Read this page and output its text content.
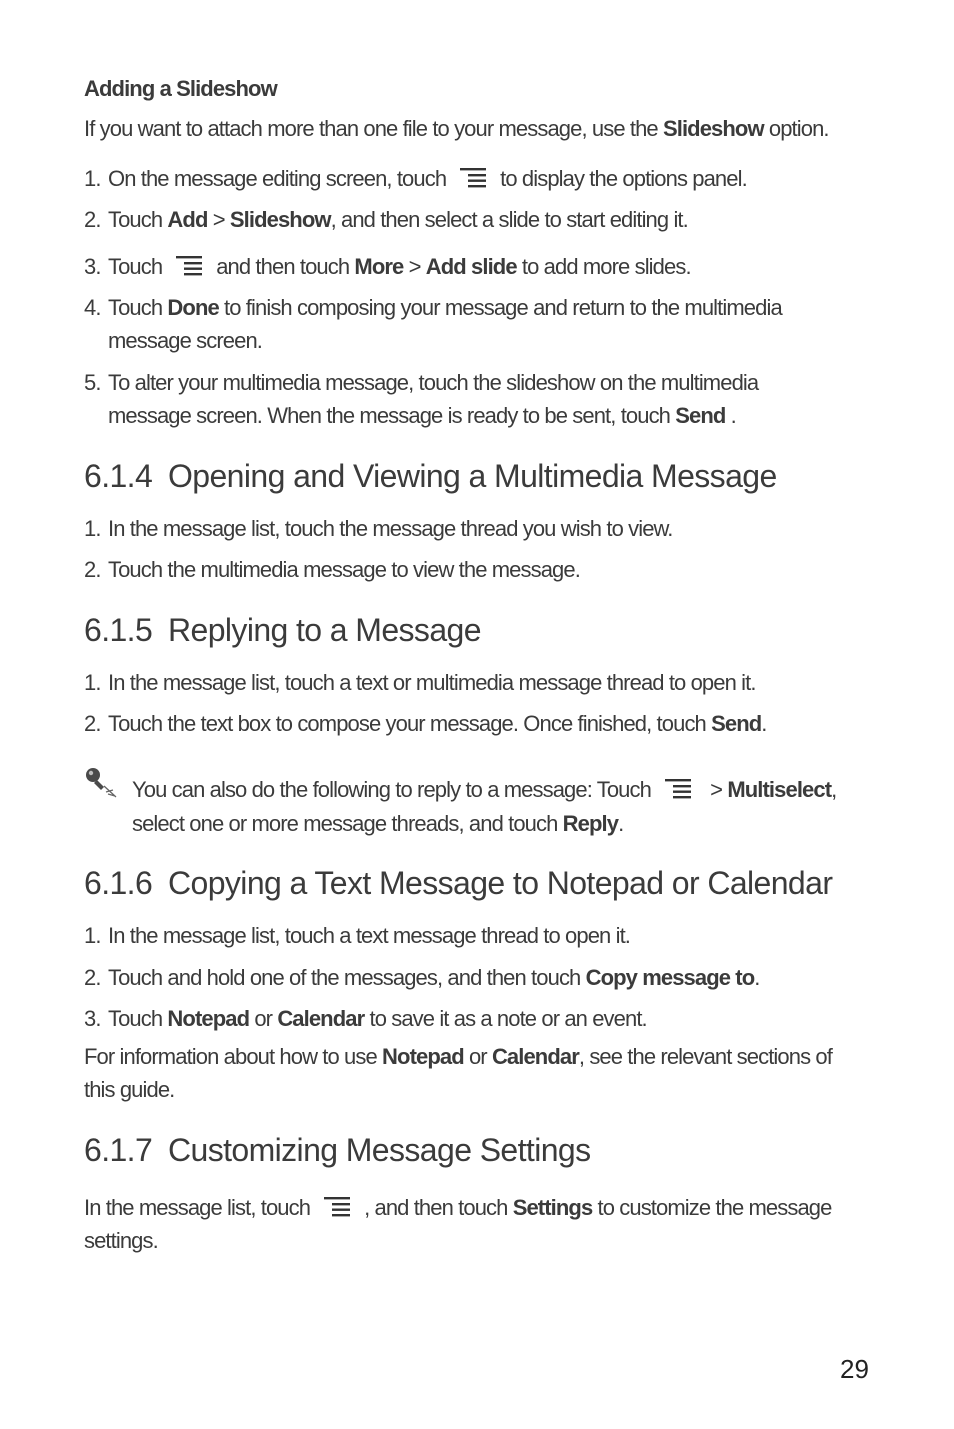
Adding a Slideshow
If you want to attach more than one file to your message, use the Slideshow option.
1. On the message editing screen, touch to display the options panel.
2. Touch Add > Slideshow, and then select a slide to start editing it.
3. Touch and then touch More > Add slide to add more slides.
4. Touch Done to finish composing your message and return to the multimedia
message screen.
5. To alter your multimedia message, touch the slideshow on the multimedia
message screen. When the message is ready to be sent, touch Send .
6.1.4 Opening and Viewing a Multimedia Message
1. In the message list, touch the message thread you wish to view.
2. Touch the multimedia message to view the message.
6.1.5 Replying to a Message
1. In the message list, touch a text or multimedia message thread to open it.
2. Touch the text box to compose your message. Once finished, touch Send.
You can also do the following to reply to a message: Touch
> Multiselect,
select one or more message threads, and touch Reply.
6.1.6 Copying a Text Message to Notepad or Calendar
1. In the message list, touch a text message thread to open it.
2. Touch and hold one of the messages, and then touch Copy message to.
3. Touch Notepad or Calendar to save it as a note or an event.
For information about how to use Notepad or Calendar, see the relevant sections of
this guide.
6.1.7 Customizing Message Settings
In the message list, touch , and then touch Settings to customize the message
settings.
29
